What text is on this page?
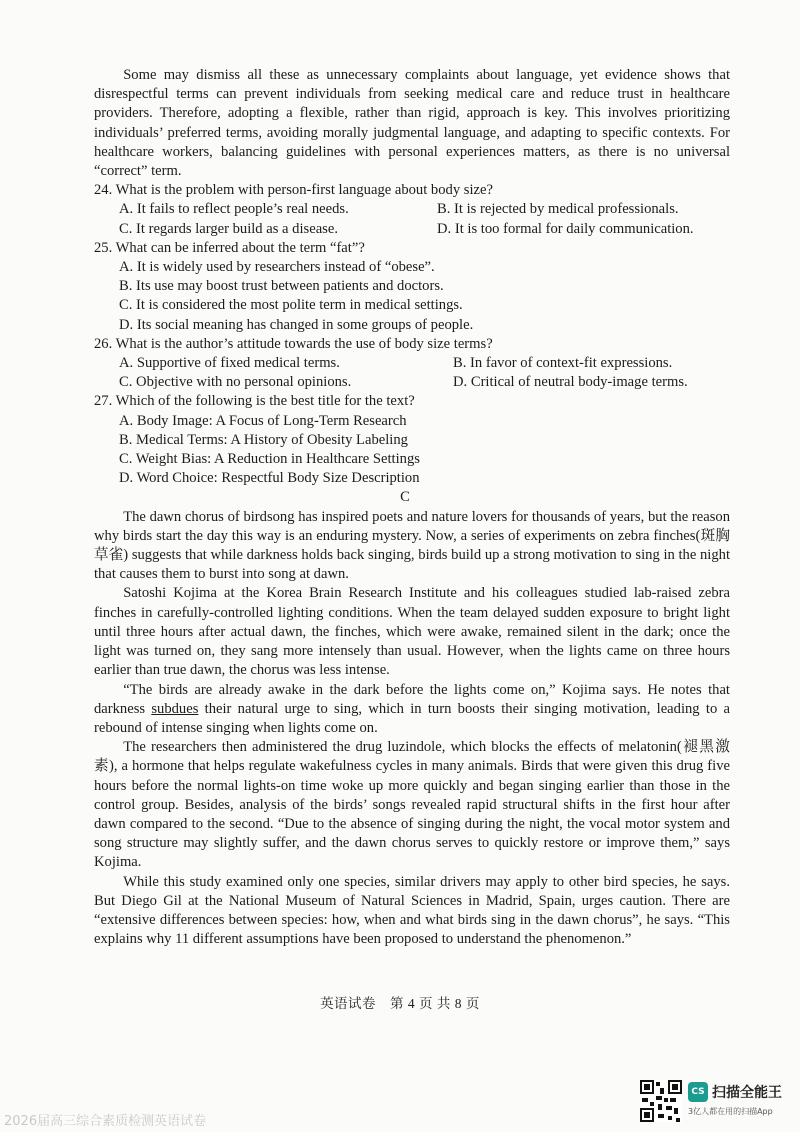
Some may dismiss all these as unnecessary complaints about language, yet evidence shows that disrespectful terms can prevent individuals from seeking medical care and reduce trust in healthcare providers. Therefore, adopting a flexible, rather than rigid, approach is key. This involves prioritizing individuals’ preferred terms, avoiding morally judgmental language, and adapting to specific contexts. For healthcare workers, balancing guidelines with personal experiences matters, as there is no universal “correct” term.

24. What is the problem with person-first language about body size?
A. It fails to reflect people’s real needs.	B. It is rejected by medical professionals.
C. It regards larger build as a disease.	D. It is too formal for daily communication.
25. What can be inferred about the term “fat”?
A. It is widely used by researchers instead of “obese”.
B. Its use may boost trust between patients and doctors.
C. It is considered the most polite term in medical settings.
D. Its social meaning has changed in some groups of people.
26. What is the author’s attitude towards the use of body size terms?
A. Supportive of fixed medical terms.	B. In favor of context-fit expressions.
C. Objective with no personal opinions.	D. Critical of neutral body-image terms.
27. Which of the following is the best title for the text?
A. Body Image: A Focus of Long-Term Research
B. Medical Terms: A History of Obesity Labeling
C. Weight Bias: A Reduction in Healthcare Settings
D. Word Choice: Respectful Body Size Description
C

The dawn chorus of birdsong has inspired poets and nature lovers for thousands of years, but the reason why birds start the day this way is an enduring mystery. Now, a series of experiments on zebra finches(斑胸草雀) suggests that while darkness holds back singing, birds build up a strong motivation to sing in the night that causes them to burst into song at dawn.

Satoshi Kojima at the Korea Brain Research Institute and his colleagues studied lab-raised zebra finches in carefully-controlled lighting conditions. When the team delayed sudden exposure to bright light until three hours after actual dawn, the finches, which were awake, remained silent in the dark; once the light was turned on, they sang more intensely than usual. However, when the lights came on three hours earlier than true dawn, the chorus was less intense.

“The birds are already awake in the dark before the lights come on,” Kojima says. He notes that darkness subdues their natural urge to sing, which in turn boosts their singing motivation, leading to a rebound of intense singing when lights come on.

The researchers then administered the drug luzindole, which blocks the effects of melatonin(褪黑激素), a hormone that helps regulate wakefulness cycles in many animals. Birds that were given this drug five hours before the normal lights-on time woke up more quickly and began singing earlier than those in the control group. Besides, analysis of the birds’ songs revealed rapid structural shifts in the first hour after dawn compared to the second. “Due to the absence of singing during the night, the vocal motor system and song structure may slightly suffer, and the dawn chorus serves to quickly restore or improve them,” says Kojima.

While this study examined only one species, similar drivers may apply to other bird species, he says. But Diego Gil at the National Museum of Natural Sciences in Madrid, Spain, urges caution. There are “extensive differences between species: how, when and what birds sing in the dawn chorus”, he says. “This explains why 11 different assumptions have been proposed to understand the phenomenon.”

英语试卷　第 4 页 共 8 页
2026届高三综合素质检测英语试卷
CS 扫描全能王
3亿人都在用的扫描App
